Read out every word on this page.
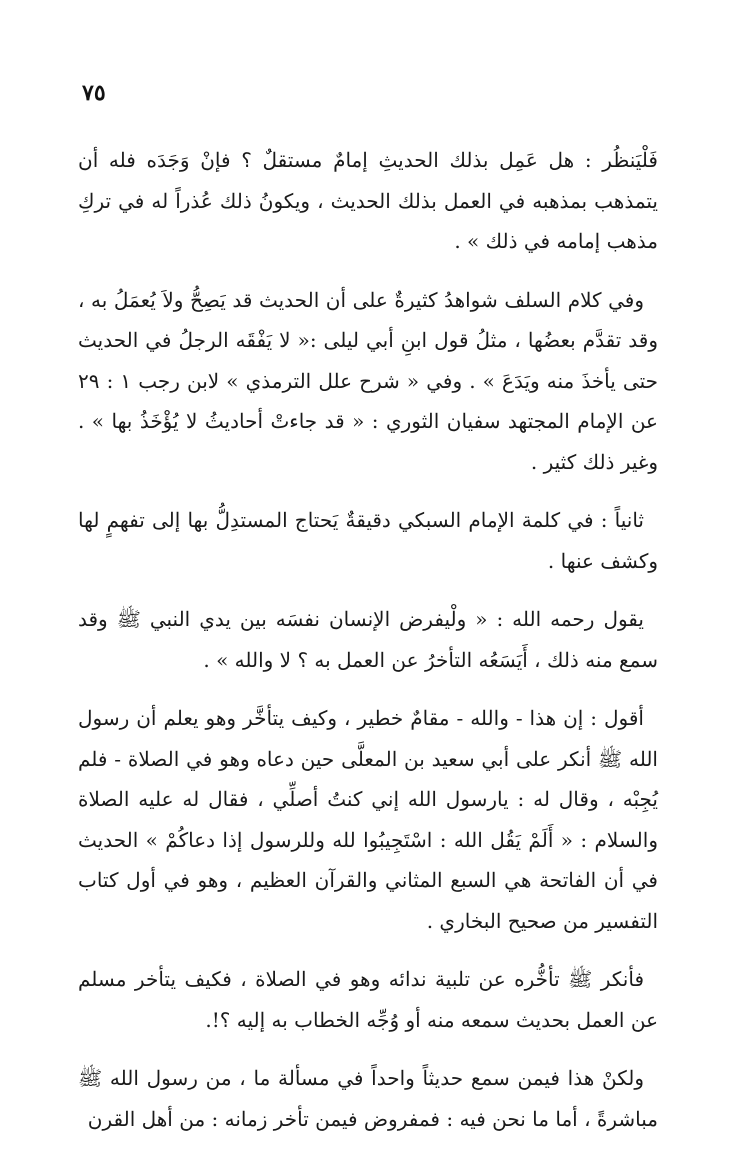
٧٥

فَلْيَنظُر : هل عَمِل بذلك الحديثِ إمامٌ مستقلٌ ؟ فإنْ وَجَدَه فله أن يتمذهب بمذهبه في العمل بذلك الحديث ، ويكونُ ذلك عُذراً له في تركِ مذهب إمامه في ذلك » .

وفي كلام السلف شواهدُ كثيرةٌ على أن الحديث قد يَصِحُّ ولاَ يُعمَلُ به ، وقد تقدَّم بعضُها ، مثلُ قول ابنِ أبي ليلى :« لا يَفْقَه الرجلُ في الحديث حتى يأخذَ منه ويَدَعَ » . وفي « شرح علل الترمذي » لابن رجب ١ : ٢٩ عن الإمام المجتهد سفيان الثوري : « قد جاءتْ أحاديثُ لا يُؤْخَذُ بها » . وغير ذلك كثير .

ثانياً : في كلمة الإمام السبكي دقيقةٌ يَحتاج المستدِلُّ بها إلى تفهمٍ لها وكشف عنها .

يقول رحمه الله : « ولْيفرض الإنسان نفسَه بين يدي النبي ﷺ وقد سمع منه ذلك ، أَيَسَعُه التأخرُ عن العمل به ؟ لا والله » .

أقول : إن هذا - والله - مقامٌ خطير ، وكيف يتأخَّر وهو يعلم أن رسول الله ﷺ أنكر على أبي سعيد بن المعلَّى حين دعاه وهو في الصلاة - فلم يُجِبْه ، وقال له : يارسول الله إني كنتُ أصلِّي ، فقال له عليه الصلاة والسلام : « أَلَمْ يَقُل الله : اسْتَجِيبُوا لله وللرسول إذا دعاكُمْ » الحديث في أن الفاتحة هي السبع المثاني والقرآن العظيم ، وهو في أول كتاب التفسير من صحيح البخاري .

فأنكر ﷺ تأخُّره عن تلبية ندائه وهو في الصلاة ، فكيف يتأخر مسلم عن العمل بحديث سمعه منه أو وُجِّه الخطاب به إليه ؟!.

ولكنْ هذا فيمن سمع حديثاً واحداً في مسألة ما ، من رسول الله ﷺ مباشرةً ، أما ما نحن فيه : فمفروض فيمن تأخر زمانه : من أهل القرن
